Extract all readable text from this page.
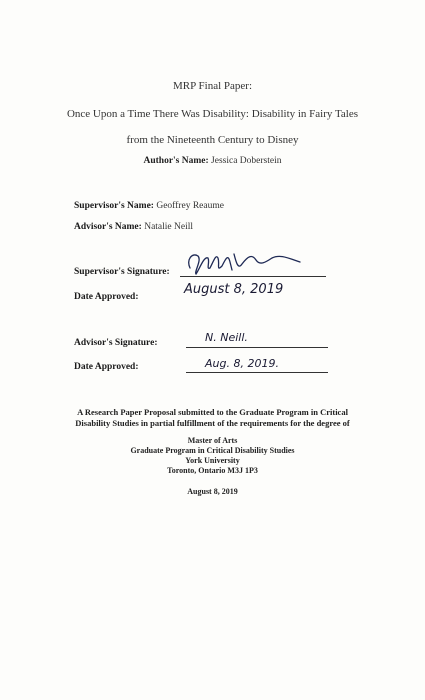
MRP Final Paper:
Once Upon a Time There Was Disability: Disability in Fairy Tales
from the Nineteenth Century to Disney
Author's Name: Jessica Doberstein
Supervisor's Name: Geoffrey Reaume
Advisor's Name: Natalie Neill
Supervisor's Signature:
Date Approved:	August 8, 2019
Advisor's Signature:	N. Neill.
Date Approved:	Aug. 8, 2019.
A Research Paper Proposal submitted to the Graduate Program in Critical
Disability Studies in partial fulfillment of the requirements for the degree of
Master of Arts
Graduate Program in Critical Disability Studies
York University
Toronto, Ontario M3J 1P3
August 8, 2019
